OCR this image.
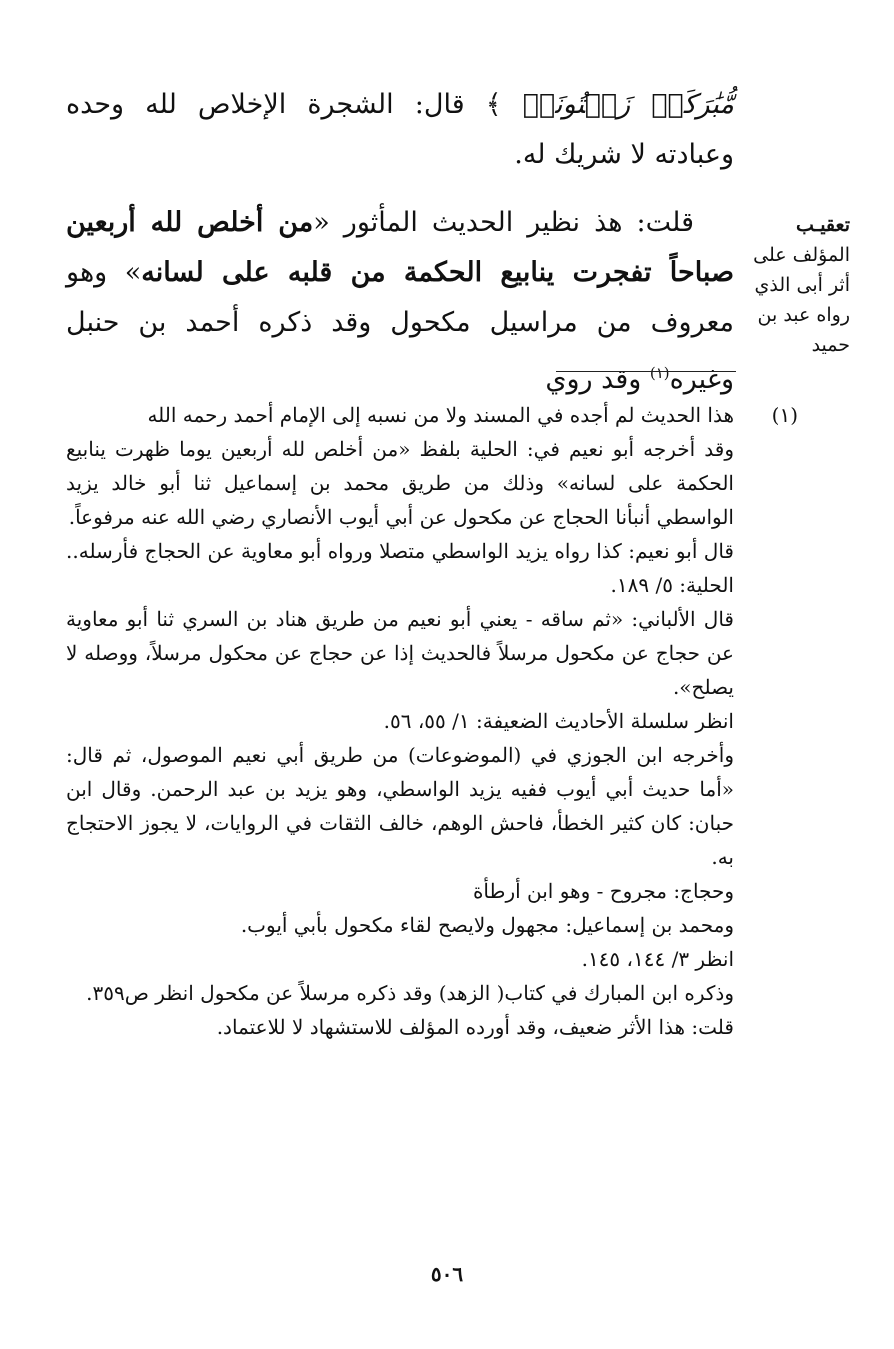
مُّبَٰرَكَةٖ زَيۡتُونَةٖ ﴾ قال: الشجرة الإخلاص لله وحده وعبادته لا شريك له.

قلت: هذ نظير الحديث المأثور «من أخلص لله أربعين صباحاً تفجرت ينابيع الحكمة من قلبه على لسانه» وهو معروف من مراسيل مكحول وقد ذكره أحمد بن حنبل وغيره$^{(١)}$ وقد روي

تعقيـب
المؤلف على
أثر أبى الذي
رواه عبد بن
حميد
(١)

هذا الحديث لم أجده في المسند ولا من نسبه إلى الإمام أحمد رحمه الله

وقد أخرجه أبو نعيم في: الحلية بلفظ «من أخلص لله أربعين يوما ظهرت ينابيع الحكمة على لسانه» وذلك من طريق محمد بن إسماعيل ثنا أبو خالد يزيد الواسطي أنبأنا الحجاج عن مكحول عن أبي أيوب الأنصاري رضي الله عنه مرفوعاً.

قال أبو نعيم: كذا رواه يزيد الواسطي متصلا ورواه أبو معاوية عن الحجاج فأرسله.. الحلية: ٥/ ١٨٩.

قال الألباني: «ثم ساقه - يعني أبو نعيم من طريق هناد بن السري ثنا أبو معاوية عن حجاج عن مكحول مرسلاً فالحديث إذا عن حجاج عن محكول مرسلاً، ووصله لا يصلح».

انظر سلسلة الأحاديث الضعيفة: ١/ ٥٥، ٥٦.

وأخرجه ابن الجوزي في (الموضوعات) من طريق أبي نعيم الموصول، ثم قال: «أما حديث أبي أيوب ففيه يزيد الواسطي، وهو يزيد بن عبد الرحمن. وقال ابن حبان: كان كثير الخطأ، فاحش الوهم، خالف الثقات في الروايات، لا يجوز الاحتجاج به.

وحجاج: مجروح - وهو ابن أرطأة

ومحمد بن إسماعيل: مجهول ولايصح لقاء مكحول بأبي أيوب.

انظر ٣/ ١٤٤، ١٤٥.

وذكره ابن المبارك في كتاب( الزهد) وقد ذكره مرسلاً عن مكحول انظر ص٣٥٩.

قلت: هذا الأثر ضعيف، وقد أورده المؤلف للاستشهاد لا للاعتماد.

٥٠٦
